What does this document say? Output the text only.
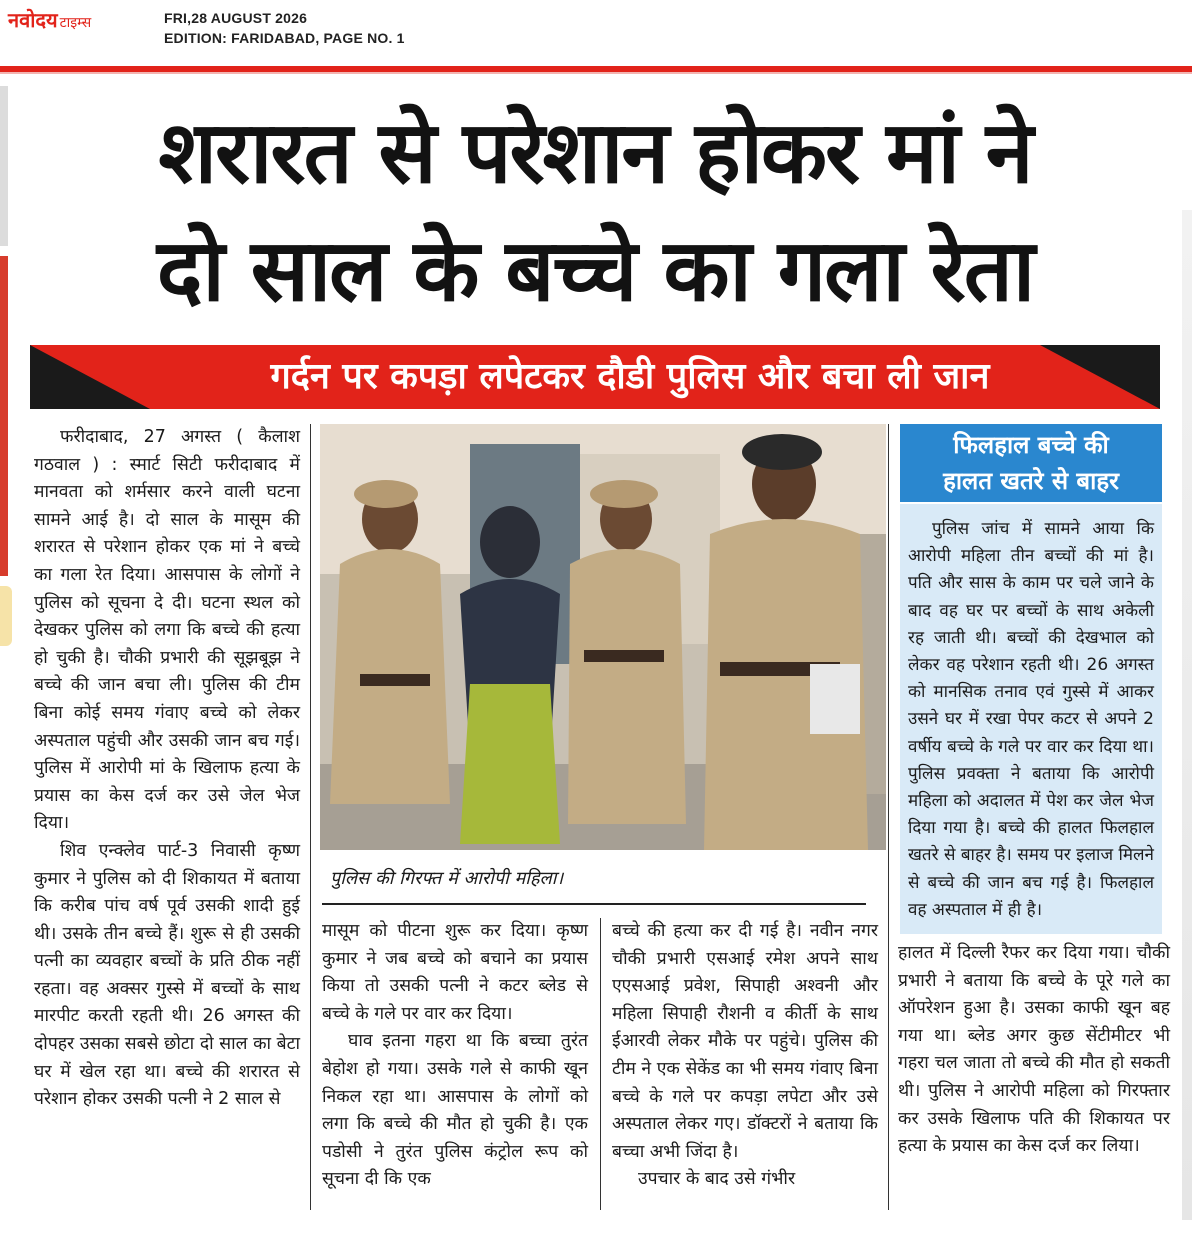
नवोदय टाइम्स	FRI,28 AUGUST 2026
EDITION: FARIDABAD, PAGE NO. 1
शरारत से परेशान होकर मां ने
दो साल के बच्चे का गला रेता
गर्दन पर कपड़ा लपेटकर दौडी पुलिस और बचा ली जान

फरीदाबाद, 27 अगस्त ( कैलाश गठवाल ) : स्मार्ट सिटी फरीदाबाद में मानवता को शर्मसार करने वाली घटना सामने आई है। दो साल के मासूम की शरारत से परेशान होकर एक मां ने बच्चे का गला रेत दिया। आसपास के लोगों ने पुलिस को सूचना दे दी। घटना स्थल को देखकर पुलिस को लगा कि बच्चे की हत्या हो चुकी है। चौकी प्रभारी की सूझबूझ ने बच्चे की जान बचा ली। पुलिस की टीम बिना कोई समय गंवाए बच्चे को लेकर अस्पताल पहुंची और उसकी जान बच गई। पुलिस में आरोपी मां के खिलाफ हत्या के प्रयास का केस दर्ज कर उसे जेल भेज दिया।

शिव एन्क्लेव पार्ट-3 निवासी कृष्ण कुमार ने पुलिस को दी शिकायत में बताया कि करीब पांच वर्ष पूर्व उसकी शादी हुई थी। उसके तीन बच्चे हैं। शुरू से ही उसकी पत्नी का व्यवहार बच्चों के प्रति ठीक नहीं रहता। वह अक्सर गुस्से में बच्चों के साथ मारपीट करती रहती थी। 26 अगस्त की दोपहर उसका सबसे छोटा दो साल का बेटा घर में खेल रहा था। बच्चे की शरारत से परेशान होकर उसकी पत्नी ने 2 साल से

पुलिस की गिरफ्त में आरोपी महिला।

मासूम को पीटना शुरू कर दिया। कृष्ण कुमार ने जब बच्चे को बचाने का प्रयास किया तो उसकी पत्नी ने कटर ब्लेड से बच्चे के गले पर वार कर दिया।

घाव इतना गहरा था कि बच्चा तुरंत बेहोश हो गया। उसके गले से काफी खून निकल रहा था। आसपास के लोगों को लगा कि बच्चे की मौत हो चुकी है। एक पडोसी ने तुरंत पुलिस कंट्रोल रूप को सूचना दी कि एक

बच्चे की हत्या कर दी गई है। नवीन नगर चौकी प्रभारी एसआई रमेश अपने साथ एएसआई प्रवेश, सिपाही अश्वनी और महिला सिपाही रौशनी व कीर्ती के साथ ईआरवी लेकर मौके पर पहुंचे। पुलिस की टीम ने एक सेकेंड का भी समय गंवाए बिना बच्चे के गले पर कपड़ा लपेटा और उसे अस्पताल लेकर गए। डॉक्टरों ने बताया कि बच्चा अभी जिंदा है।

उपचार के बाद उसे गंभीर

फिलहाल बच्चे की
हालत खतरे से बाहर

पुलिस जांच में सामने आया कि आरोपी महिला तीन बच्चों की मां है। पति और सास के काम पर चले जाने के बाद वह घर पर बच्चों के साथ अकेली रह जाती थी। बच्चों की देखभाल को लेकर वह परेशान रहती थी। 26 अगस्त को मानसिक तनाव एवं गुस्से में आकर उसने घर में रखा पेपर कटर से अपने 2 वर्षीय बच्चे के गले पर वार कर दिया था। पुलिस प्रवक्ता ने बताया कि आरोपी महिला को अदालत में पेश कर जेल भेज दिया गया है। बच्चे की हालत फिलहाल खतरे से बाहर है। समय पर इलाज मिलने से बच्चे की जान बच गई है। फिलहाल वह अस्पताल में ही है।

हालत में दिल्ली रैफर कर दिया गया। चौकी प्रभारी ने बताया कि बच्चे के पूरे गले का ऑपरेशन हुआ है। उसका काफी खून बह गया था। ब्लेड अगर कुछ सेंटीमीटर भी गहरा चल जाता तो बच्चे की मौत हो सकती थी। पुलिस ने आरोपी महिला को गिरफ्तार कर उसके खिलाफ पति की शिकायत पर हत्या के प्रयास का केस दर्ज कर लिया।
